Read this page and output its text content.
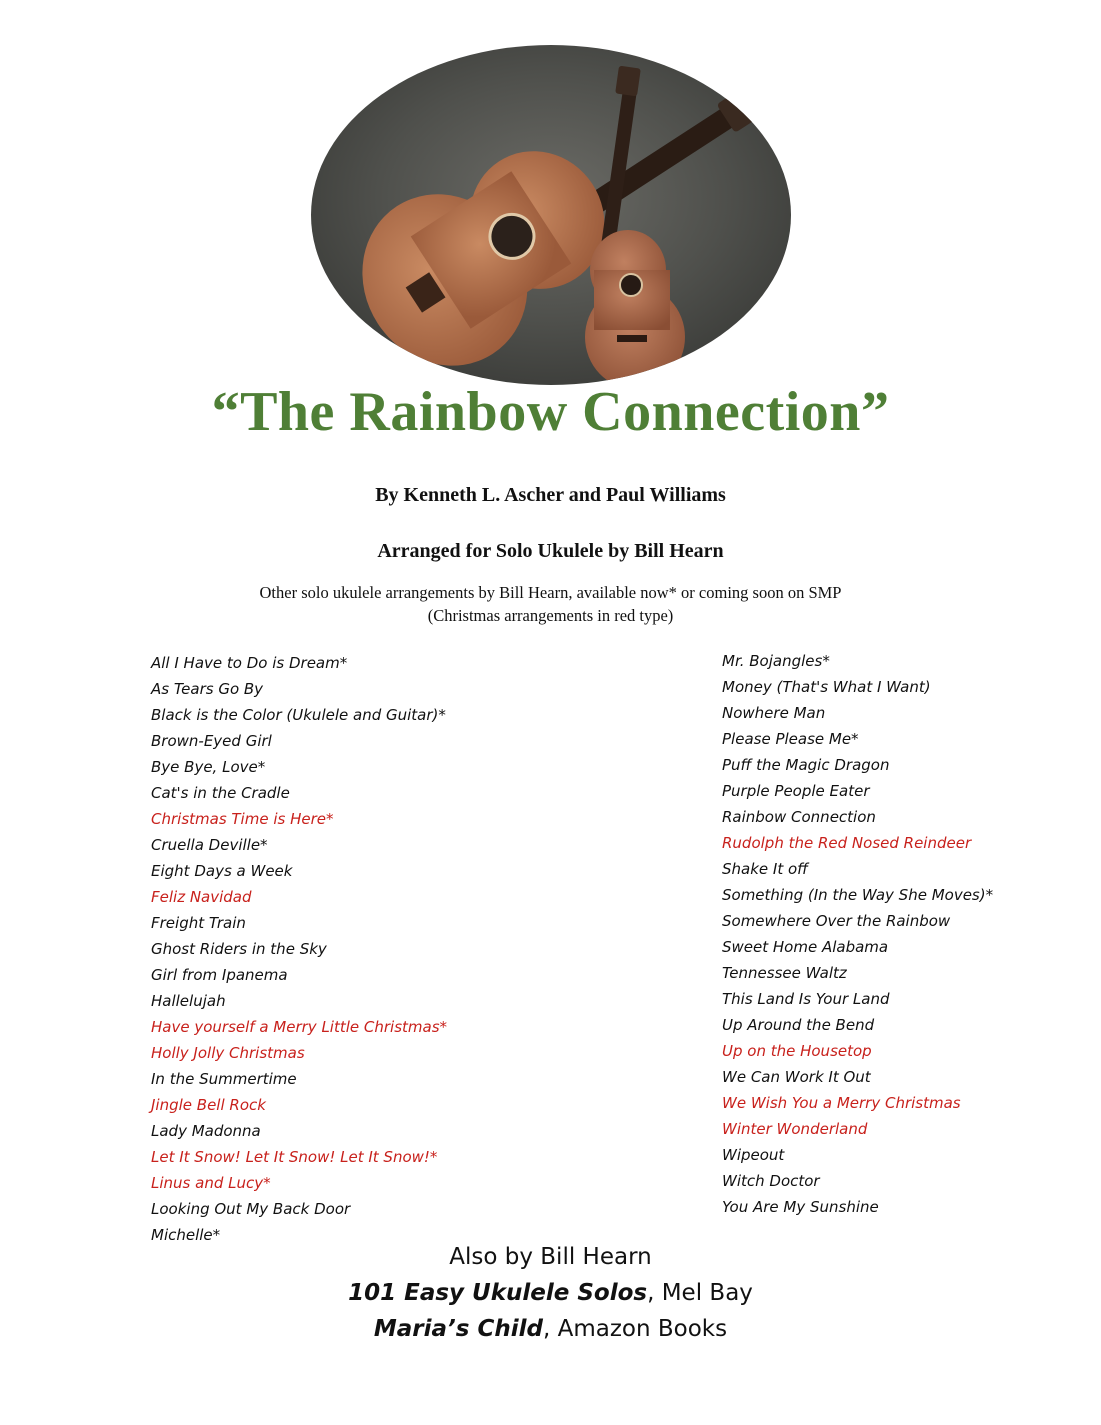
“The Rainbow Connection”
By Kenneth L. Ascher and Paul Williams
Arranged for Solo Ukulele by Bill Hearn
Other solo ukulele arrangements by Bill Hearn, available now* or coming soon on SMP
(Christmas arrangements in red type)
All I Have to Do is Dream*
As Tears Go By
Black is the Color (Ukulele and Guitar)*
Brown-Eyed Girl
Bye Bye, Love*
Cat's in the Cradle
Christmas Time is Here*
Cruella Deville*
Eight Days a Week
Feliz Navidad
Freight Train
Ghost Riders in the Sky
Girl from Ipanema
Hallelujah
Have yourself a Merry Little Christmas*
Holly Jolly Christmas
In the Summertime
Jingle Bell Rock
Lady Madonna
Let It Snow! Let It Snow! Let It Snow!*
Linus and Lucy*
Looking Out My Back Door
Michelle*
Mr. Bojangles*
Money (That's What I Want)
Nowhere Man
Please Please Me*
Puff the Magic Dragon
Purple People Eater
Rainbow Connection
Rudolph the Red Nosed Reindeer
Shake It off
Something (In the Way She Moves)*
Somewhere Over the Rainbow
Sweet Home Alabama
Tennessee Waltz
This Land Is Your Land
Up Around the Bend
Up on the Housetop
We Can Work It Out
We Wish You a Merry Christmas
Winter Wonderland
Wipeout
Witch Doctor
You Are My Sunshine
Also by Bill Hearn
101 Easy Ukulele Solos, Mel Bay
Maria’s Child, Amazon Books
